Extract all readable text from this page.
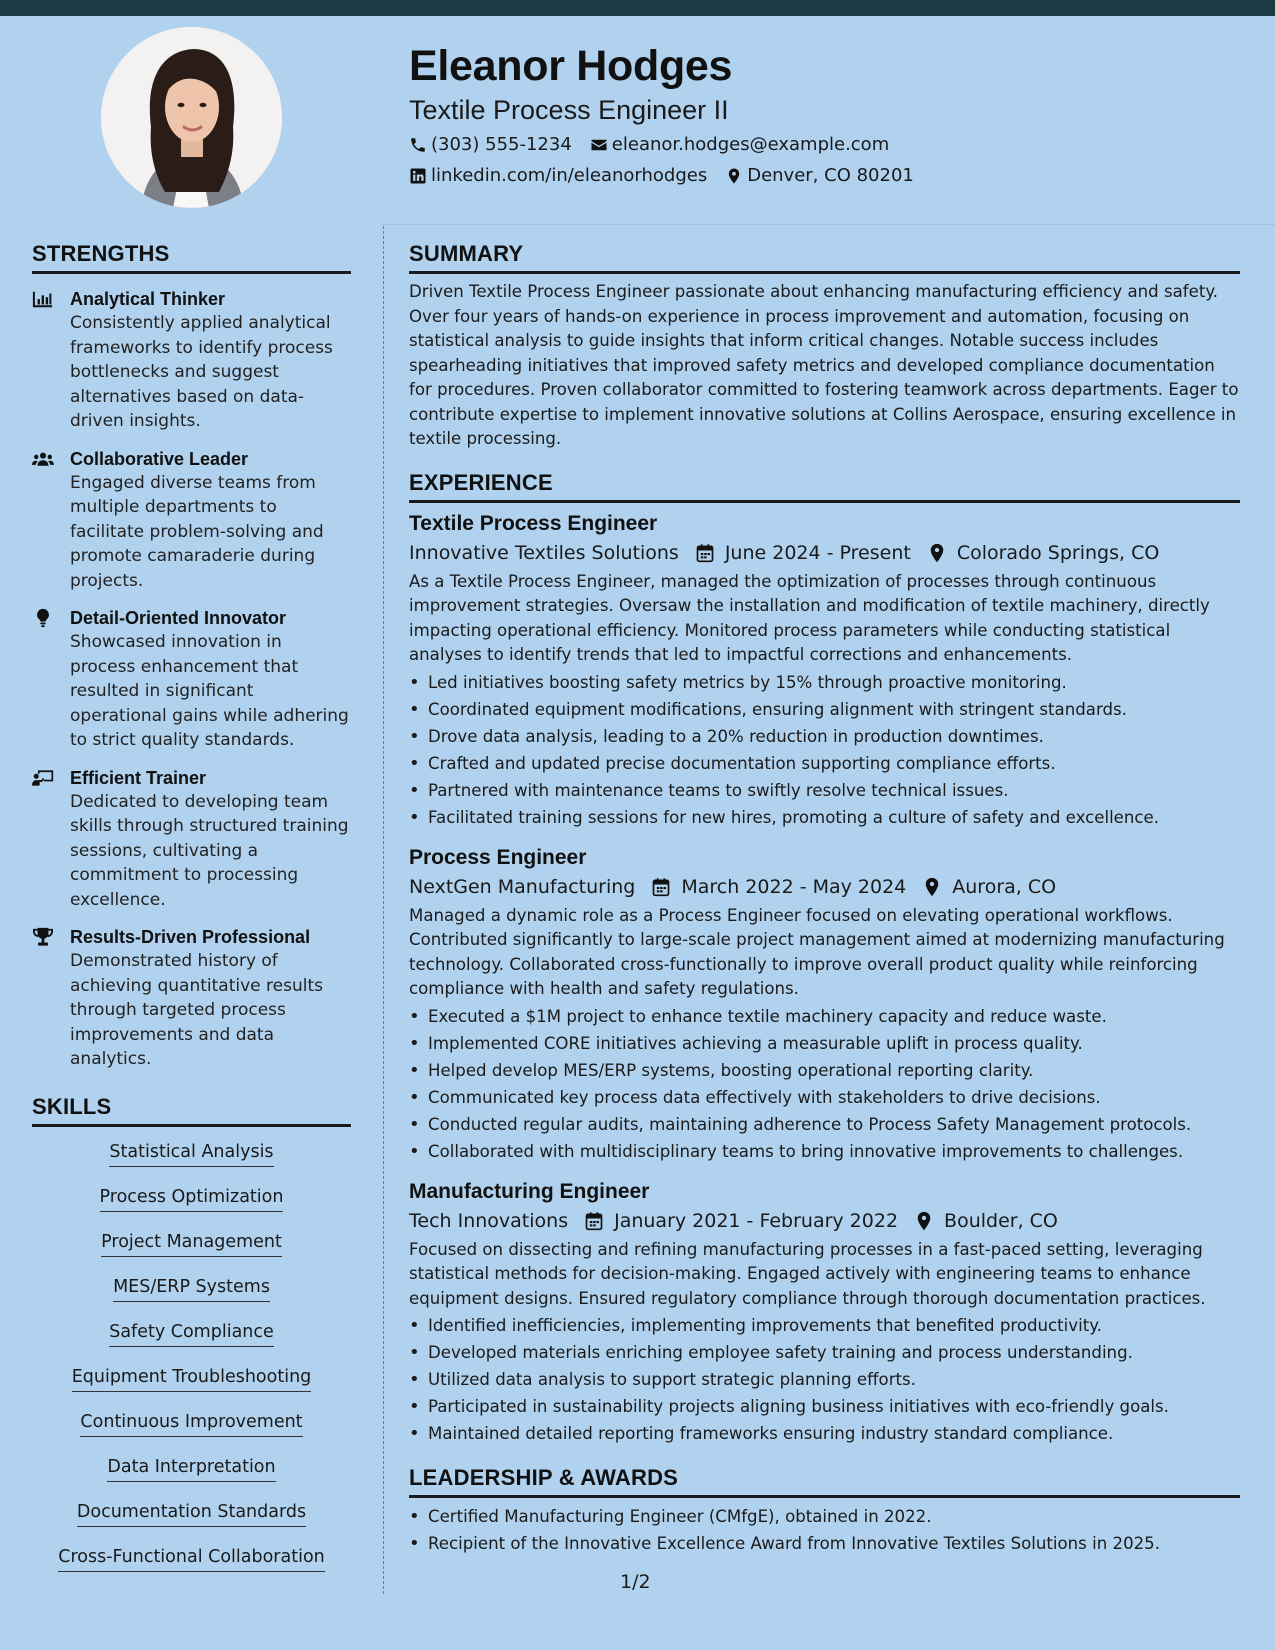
Eleanor Hodges
Textile Process Engineer II
(303) 555-1234 eleanor.hodges@example.com
linkedin.com/in/eleanorhodges Denver, CO 80201
STRENGTHS
Analytical Thinker
Consistently applied analytical frameworks to identify process bottlenecks and suggest alternatives based on data-driven insights.
Collaborative Leader
Engaged diverse teams from multiple departments to facilitate problem-solving and promote camaraderie during projects.
Detail-Oriented Innovator
Showcased innovation in process enhancement that resulted in significant operational gains while adhering to strict quality standards.
Efficient Trainer
Dedicated to developing team skills through structured training sessions, cultivating a commitment to processing excellence.
Results-Driven Professional
Demonstrated history of achieving quantitative results through targeted process improvements and data analytics.
SKILLS
Statistical Analysis
Process Optimization
Project Management
MES/ERP Systems
Safety Compliance
Equipment Troubleshooting
Continuous Improvement
Data Interpretation
Documentation Standards
Cross-Functional Collaboration
SUMMARY
Driven Textile Process Engineer passionate about enhancing manufacturing efficiency and safety. Over four years of hands-on experience in process improvement and automation, focusing on statistical analysis to guide insights that inform critical changes. Notable success includes spearheading initiatives that improved safety metrics and developed compliance documentation for procedures. Proven collaborator committed to fostering teamwork across departments. Eager to contribute expertise to implement innovative solutions at Collins Aerospace, ensuring excellence in textile processing.
EXPERIENCE
Textile Process Engineer
Innovative Textiles Solutions June 2024 - Present Colorado Springs, CO
As a Textile Process Engineer, managed the optimization of processes through continuous improvement strategies. Oversaw the installation and modification of textile machinery, directly impacting operational efficiency. Monitored process parameters while conducting statistical analyses to identify trends that led to impactful corrections and enhancements.
• Led initiatives boosting safety metrics by 15% through proactive monitoring.
• Coordinated equipment modifications, ensuring alignment with stringent standards.
• Drove data analysis, leading to a 20% reduction in production downtimes.
• Crafted and updated precise documentation supporting compliance efforts.
• Partnered with maintenance teams to swiftly resolve technical issues.
• Facilitated training sessions for new hires, promoting a culture of safety and excellence.
Process Engineer
NextGen Manufacturing March 2022 - May 2024 Aurora, CO
Managed a dynamic role as a Process Engineer focused on elevating operational workflows. Contributed significantly to large-scale project management aimed at modernizing manufacturing technology. Collaborated cross-functionally to improve overall product quality while reinforcing compliance with health and safety regulations.
• Executed a $1M project to enhance textile machinery capacity and reduce waste.
• Implemented CORE initiatives achieving a measurable uplift in process quality.
• Helped develop MES/ERP systems, boosting operational reporting clarity.
• Communicated key process data effectively with stakeholders to drive decisions.
• Conducted regular audits, maintaining adherence to Process Safety Management protocols.
• Collaborated with multidisciplinary teams to bring innovative improvements to challenges.
Manufacturing Engineer
Tech Innovations January 2021 - February 2022 Boulder, CO
Focused on dissecting and refining manufacturing processes in a fast-paced setting, leveraging statistical methods for decision-making. Engaged actively with engineering teams to enhance equipment designs. Ensured regulatory compliance through thorough documentation practices.
• Identified inefficiencies, implementing improvements that benefited productivity.
• Developed materials enriching employee safety training and process understanding.
• Utilized data analysis to support strategic planning efforts.
• Participated in sustainability projects aligning business initiatives with eco-friendly goals.
• Maintained detailed reporting frameworks ensuring industry standard compliance.
LEADERSHIP & AWARDS
• Certified Manufacturing Engineer (CMfgE), obtained in 2022.
• Recipient of the Innovative Excellence Award from Innovative Textiles Solutions in 2025.
1/2
